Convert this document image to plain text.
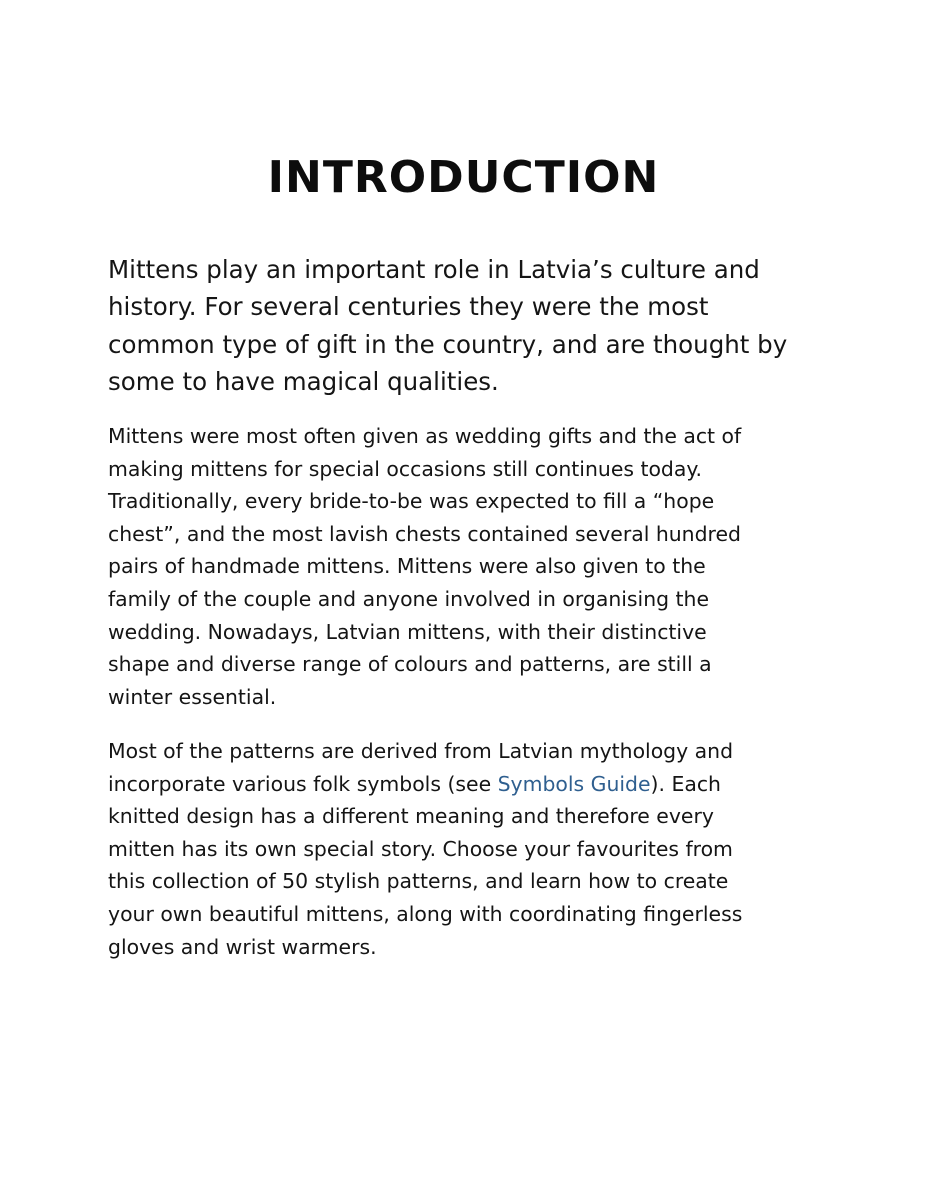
INTRODUCTION

Mittens play an important role in Latvia’s culture and
history. For several centuries they were the most
common type of gift in the country, and are thought by
some to have magical qualities.

Mittens were most often given as wedding gifts and the act of
making mittens for special occasions still continues today.
Traditionally, every bride-to-be was expected to fill a “hope
chest”, and the most lavish chests contained several hundred
pairs of handmade mittens. Mittens were also given to the
family of the couple and anyone involved in organising the
wedding. Nowadays, Latvian mittens, with their distinctive
shape and diverse range of colours and patterns, are still a
winter essential.

Most of the patterns are derived from Latvian mythology and
incorporate various folk symbols (see Symbols Guide). Each
knitted design has a different meaning and therefore every
mitten has its own special story. Choose your favourites from
this collection of 50 stylish patterns, and learn how to create
your own beautiful mittens, along with coordinating fingerless
gloves and wrist warmers.
